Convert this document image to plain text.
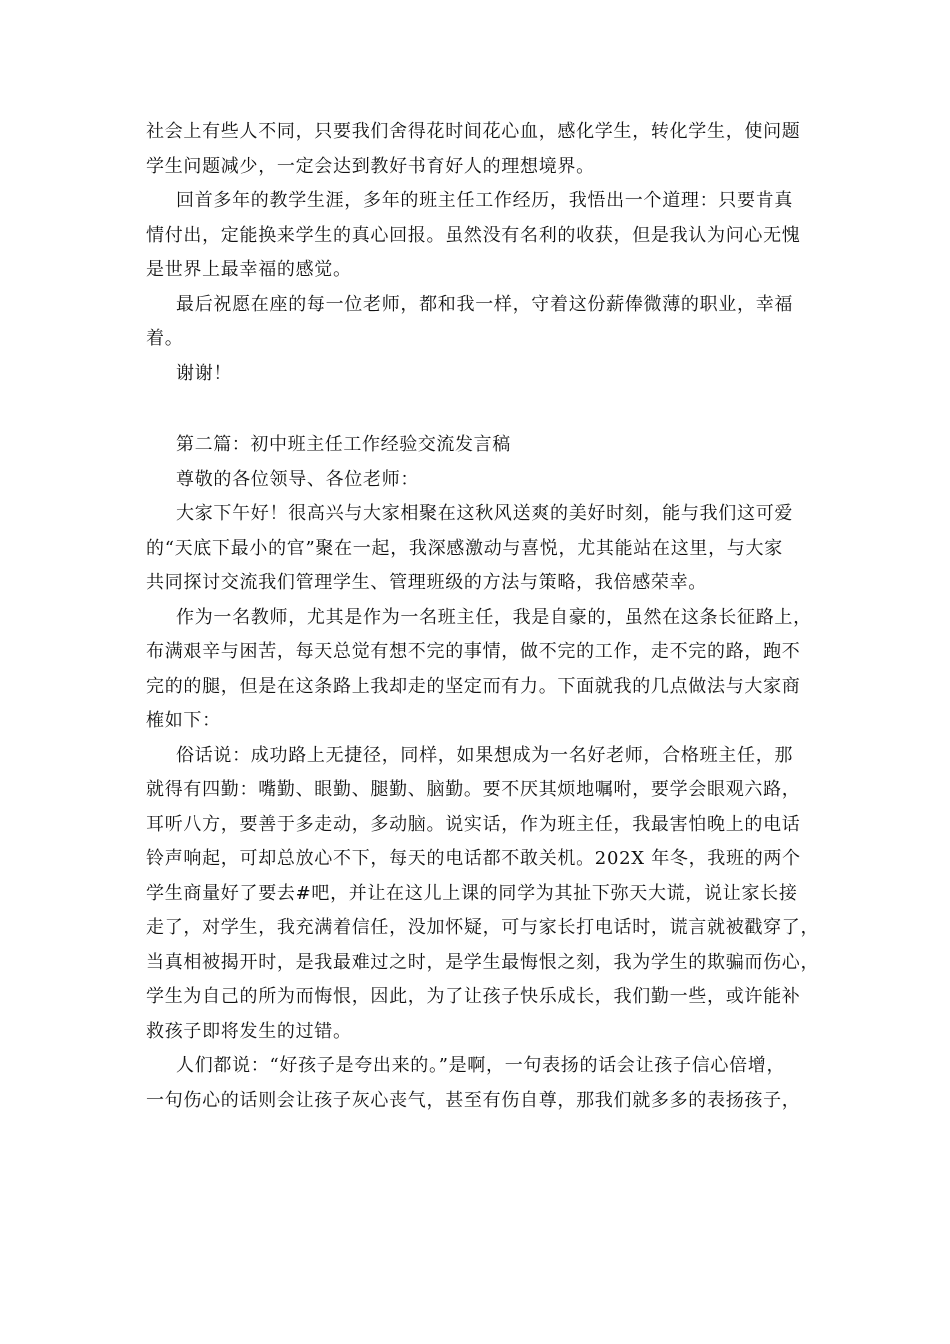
社会上有些人不同，只要我们舍得花时间花心血，感化学生，转化学生，使问题
学生问题减少，一定会达到教好书育好人的理想境界。
回首多年的教学生涯，多年的班主任工作经历，我悟出一个道理：只要肯真
情付出，定能换来学生的真心回报。虽然没有名利的收获，但是我认为问心无愧
是世界上最幸福的感觉。
最后祝愿在座的每一位老师，都和我一样，守着这份薪俸微薄的职业，幸福
着。
谢谢！
第二篇：初中班主任工作经验交流发言稿
尊敬的各位领导、各位老师：
大家下午好！很高兴与大家相聚在这秋风送爽的美好时刻，能与我们这可爱
的“天底下最小的官”聚在一起，我深感激动与喜悦，尤其能站在这里，与大家
共同探讨交流我们管理学生、管理班级的方法与策略，我倍感荣幸。
作为一名教师，尤其是作为一名班主任，我是自豪的，虽然在这条长征路上，
布满艰辛与困苦，每天总觉有想不完的事情，做不完的工作，走不完的路，跑不
完的的腿，但是在这条路上我却走的坚定而有力。下面就我的几点做法与大家商
榷如下：
俗话说：成功路上无捷径，同样，如果想成为一名好老师，合格班主任，那
就得有四勤：嘴勤、眼勤、腿勤、脑勤。要不厌其烦地嘱咐，要学会眼观六路，
耳听八方，要善于多走动，多动脑。说实话，作为班主任，我最害怕晚上的电话
铃声响起，可却总放心不下，每天的电话都不敢关机。202X 年冬，我班的两个
学生商量好了要去#吧，并让在这儿上课的同学为其扯下弥天大谎，说让家长接
走了，对学生，我充满着信任，没加怀疑，可与家长打电话时，谎言就被戳穿了，
当真相被揭开时，是我最难过之时，是学生最悔恨之刻，我为学生的欺骗而伤心，
学生为自己的所为而悔恨，因此，为了让孩子快乐成长，我们勤一些，或许能补
救孩子即将发生的过错。
人们都说：“好孩子是夸出来的。”是啊，一句表扬的话会让孩子信心倍增，
一句伤心的话则会让孩子灰心丧气，甚至有伤自尊，那我们就多多的表扬孩子，
